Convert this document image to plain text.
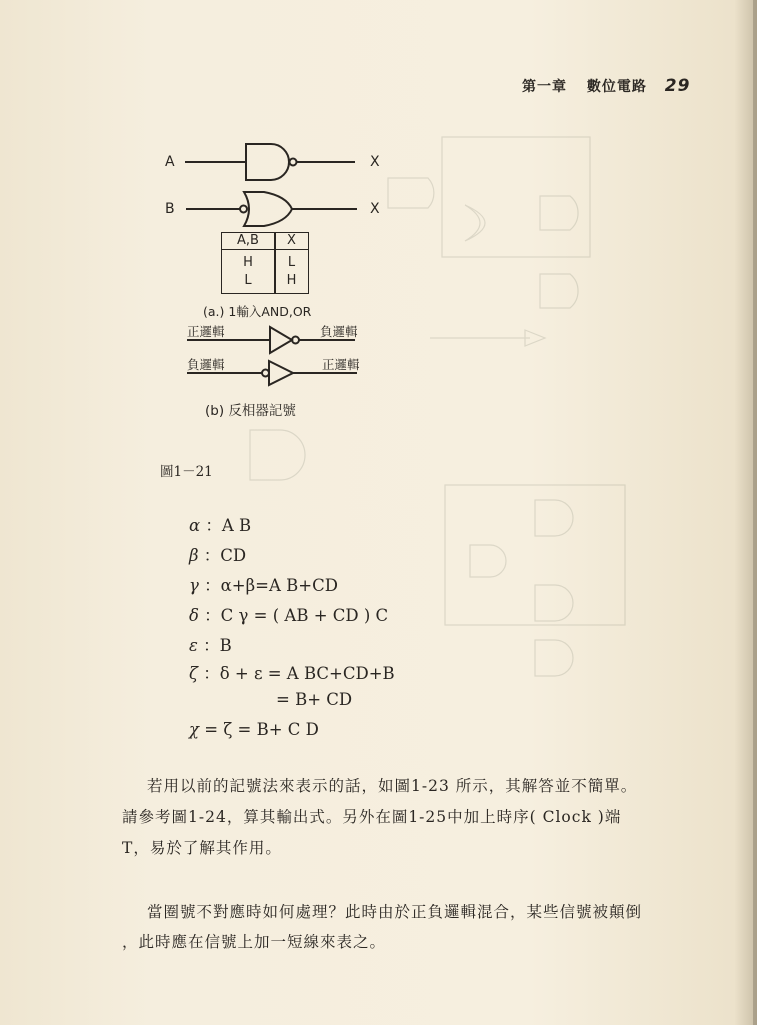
第一章 數位電路 29
A
B
X
X
A,B	X
H	L
L	H
(a.) 1輸入AND,OR
正邏輯	負邏輯
負邏輯	正邏輯
(b) 反相器記號
圖1－21
α ：A B
β ：CD
γ ：α+β=A B+CD
δ ：C γ = ( AB + CD ) C
ε ：B
ζ ：δ + ε = A BC+CD+B
= B+ CD
χ = ζ = B+ C D
若用以前的記號法來表示的話，如圖1-23 所示，其解答並不簡單。
請參考圖1-24，算其輸出式。另外在圖1-25中加上時序( Clock )端
T，易於了解其作用。
當圈號不對應時如何處理？此時由於正負邏輯混合，某些信號被顛倒
，此時應在信號上加一短線來表之。
